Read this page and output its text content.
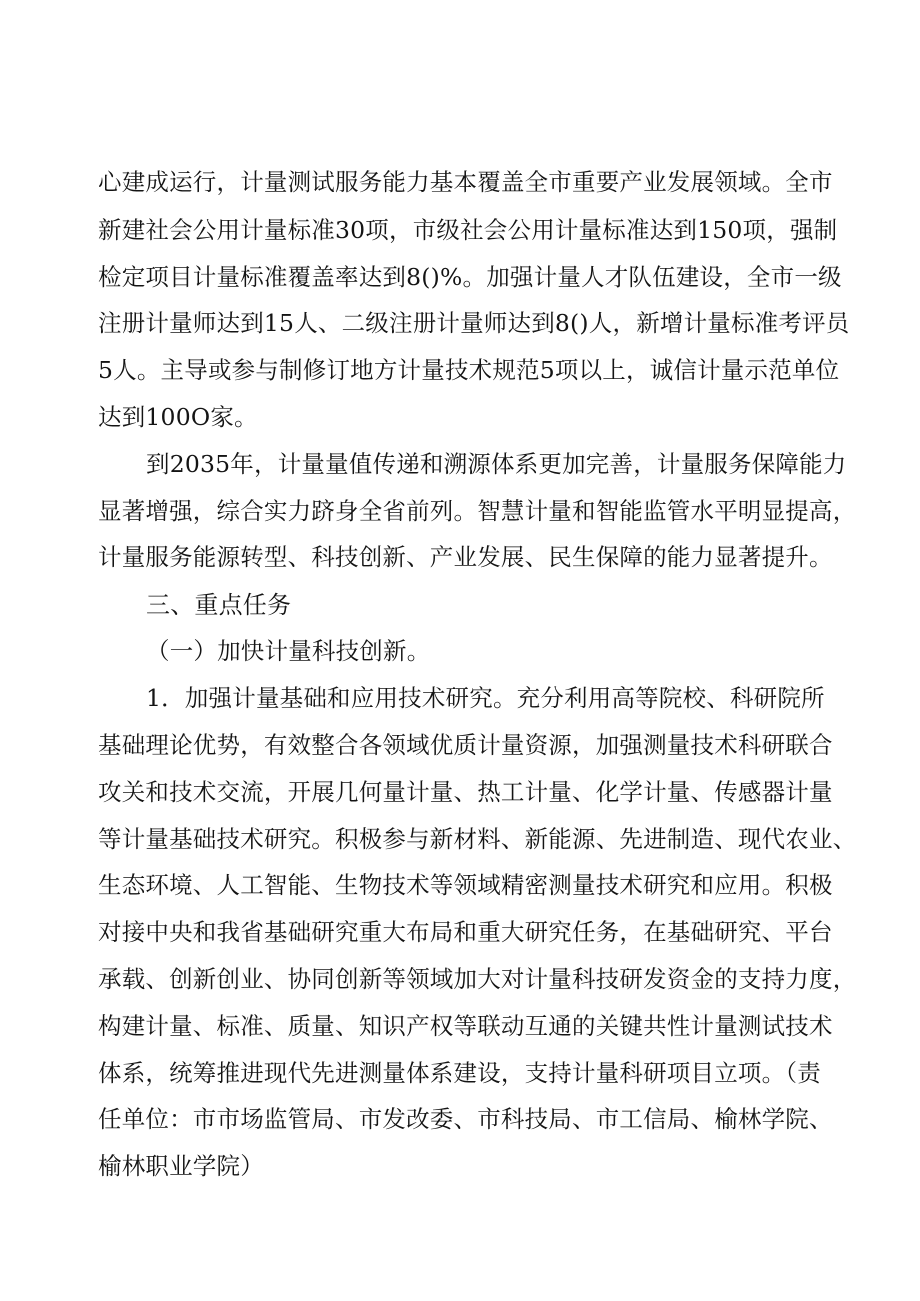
心建成运行，计量测试服务能力基本覆盖全市重要产业发展领域。全市
新建社会公用计量标准30项，市级社会公用计量标准达到150项，强制
检定项目计量标准覆盖率达到8()%。加强计量人才队伍建设，全市一级
注册计量师达到15人、二级注册计量师达到8()人，新增计量标准考评员
5人。主导或参与制修订地方计量技术规范5项以上，诚信计量示范单位
达到100O家。
到2035年，计量量值传递和溯源体系更加完善，计量服务保障能力
显著增强，综合实力跻身全省前列。智慧计量和智能监管水平明显提高，
计量服务能源转型、科技创新、产业发展、民生保障的能力显著提升。
三、重点任务
（一）加快计量科技创新。
1．加强计量基础和应用技术研究。充分利用高等院校、科研院所
基础理论优势，有效整合各领域优质计量资源，加强测量技术科研联合
攻关和技术交流，开展几何量计量、热工计量、化学计量、传感器计量
等计量基础技术研究。积极参与新材料、新能源、先进制造、现代农业、
生态环境、人工智能、生物技术等领域精密测量技术研究和应用。积极
对接中央和我省基础研究重大布局和重大研究任务，在基础研究、平台
承载、创新创业、协同创新等领域加大对计量科技研发资金的支持力度，
构建计量、标准、质量、知识产权等联动互通的关键共性计量测试技术
体系，统筹推进现代先进测量体系建设，支持计量科研项目立项。（责
任单位：市市场监管局、市发改委、市科技局、市工信局、榆林学院、
榆林职业学院）
